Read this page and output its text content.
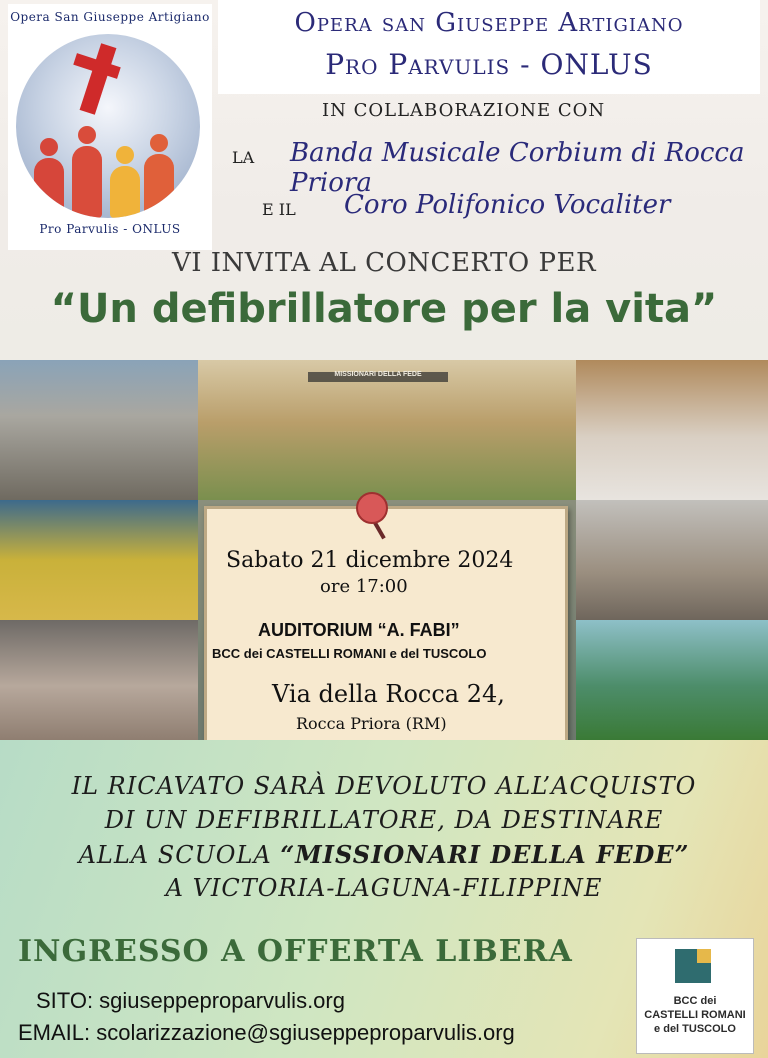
Opera San Giuseppe Artigiano
Pro Parvulis - ONLUS
Opera san Giuseppe Artigiano
Pro Parvulis - ONLUS
IN COLLABORAZIONE CON
LA Banda Musicale Corbium di Rocca Priora
E IL Coro Polifonico Vocaliter
VI INVITA AL CONCERTO PER
“Un defibrillatore per la vita”
MISSIONARI DELLA FEDE
Sabato 21 dicembre 2024
ore 17:00
AUDITORIUM “A. FABI”
BCC dei CASTELLI ROMANI e del TUSCOLO
Via della Rocca 24,
Rocca Priora (RM)
IL RICAVATO SARÀ DEVOLUTO ALL’ACQUISTO
DI UN DEFIBRILLATORE, DA DESTINARE
ALLA SCUOLA “MISSIONARI DELLA FEDE”
A VICTORIA-LAGUNA-FILIPPINE
INGRESSO A OFFERTA LIBERA
SITO: sgiuseppeproparvulis.org
EMAIL: scolarizzazione@sgiuseppeproparvulis.org
BCC dei
CASTELLI ROMANI
e del TUSCOLO
